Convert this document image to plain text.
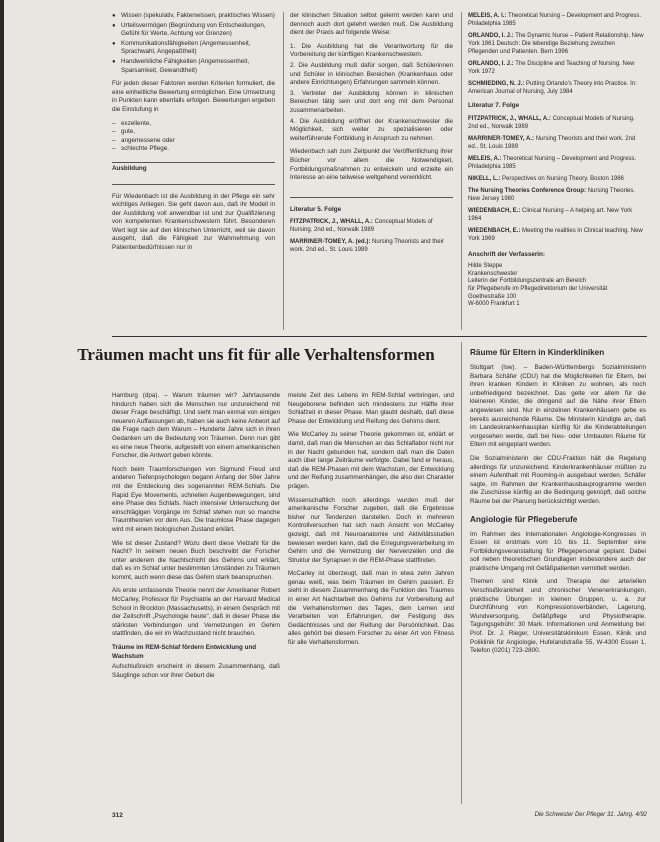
● Wissen (spekulativ, Faktenwissen, praktisches Wissen)
● Urteilsvermögen (Begründung von Entscheidungen, Gefühl für Werte, Achtung vor Grenzen)
● Kommunikationsfähigkeiten (Angemessenheit, Sprachwahl, Angepaßtheit)
● Handwerkliche Fähigkeiten (Angemessenheit, Sparsamkeit, Gewandtheit)

Für jeden dieser Faktoren werden Kriterien formuliert, die eine einheitliche Bewertung ermöglichen. Eine Umsetzung in Punkten kann ebenfalls erfolgen. Bewertungen ergeben die Einstufung in

– exzellente,
– gute,
– angemessene oder
– schlechte Pflege.
Ausbildung

Für Wiedenbach ist die Ausbildung in der Pflege ein sehr wichtiges Anliegen. Sie geht davon aus, daß ihr Modell in der Ausbildung voll anwendbar ist und zur Qualifizierung von kompetenten Krankenschwestern führt. Besonderen Wert legt sie auf den klinischen Unterricht, weil sie davon ausgeht, daß die Fähigkeit zur Wahrnehmung von Patientenbedürfnissen nur in

der klinischen Situation selbst gelernt werden kann und dennoch auch dort gelehrt werden muß. Die Ausbildung dient der Praxis auf folgende Weise:

1. Die Ausbildung hat die Verantwortung für die Vorbereitung der künftigen Krankenschwestern.
2. Die Ausbildung muß dafür sorgen, daß Schülerinnen und Schüler in klinischen Bereichen (Krankenhaus oder andere Einrichtungen) Erfahrungen sammeln können.
3. Vertreter der Ausbildung können in klinischen Bereichen tätig sein und dort eng mit dem Personal zusammenarbeiten.
4. Die Ausbildung eröffnet der Krankenschwester die Möglichkeit, sich weiter zu spezialisieren oder weiterführende Fortbildung in Anspruch zu nehmen.

Wiedenbach sah zum Zeitpunkt der Veröffentlichung ihrer Bücher vor allem die Notwendigkeit, Fortbildungsmaßnahmen zu entwickeln und erzielte ein Interesse an eine teilweise weltgehend verwirklicht.

Literatur 5. Folge
FITZPATRICK, J., WHALL, A.: Conceptual Models of Nursing. 2nd ed., Norwalk 1989
MARRINER-TOMEY, A. (ed.): Nursing Theorists and their work. 2nd ed., St. Louis 1989
MELEIS, A. I.: Theoretical Nursing – Development and Progress. Philadelphia 1985
ORLANDO, I. J.: The Dynamic Nurse – Patient Relationship. New York 1961 Deutsch: Die lebendige Beziehung zwischen Pflegenden und Patienten. Bern 1996
ORLANDO, I. J.: The Discipline and Teaching of Nursing. New York 1972
SCHMIEDING, N. J.: Putting Orlando's Theory into Practice. In: American Journal of Nursing, July 1984
Literatur 7. Folge
FITZPATRICK, J., WHALL, A.: Conceptual Models of Nursing. 2nd ed., Norwalk 1989
MARRINER-TOMEY, A.: Nursing Theorists and their work. 2nd ed., St. Louis 1989
MELEIS, A.: Theoretical Nursing – Development and Progress. Philadelphia 1985
NIKELL, L.: Perspectives on Nursing Theory. Boston 1986
The Nursing Theories Conference Group: Nursing Theories. New Jersey 1980
WIEDENBACH, E.: Clinical Nursing – A helping art. New York 1964
WIEDENBACH, E.: Meeting the realities in Clinical teaching. New York 1969
Anschrift der Verfasserin:
Hilde Steppe
Krankenschwester
Leiterin der Fortbildungszentrale am Bereich
für Pflegeberufe im Pflegedirektorium der Universität
Goethestraße 100
W-6000 Frankfurt 1
Träumen macht uns fit für alle Verhaltensformen

Hamburg (dpa). – Warum träumen wir? Jahrtausende hindurch haben sich die Menschen nur unzureichend mit dieser Frage beschäftigt. Und sieht man einmal von einigen neueren Auffassungen ab, haben sie auch keine Antwort auf die Frage nach dem Warum – Hunderte Jahre sich in ihren Gedanken um die Bedeutung von Träumen. Denn nun gibt es eine neue Theorie, aufgestellt von einem amerikanischen Forscher, die Antwort geben könnte.

Noch beim Traumforschungen von Sigmund Freud und anderen Tiefenpsychologen begann Anfang der 50er Jahre mit der Entdeckung des sogenannten REM-Schlafs. Die Rapid Eye Movements, schnellen Augenbewegungen, sind eine Phase des Schlafs. Nach intensiver Untersuchung der einschlägigen Vorgänge im Schlaf stehen nun so manche Traumtheorien vor dem Aus. Die traumlose Phase dagegen wird mit einem biologischen Zustand erklärt.

Wie ist dieser Zustand? Wozu dient diese Vielzahl für die Nacht? In seinem neuen Buch beschreibt der Forscher unter anderem die Nachtschicht des Gehirns und erklärt, daß es im Schlaf unter bestimmten Umständen zu Träumen kommt, auch wenn diese das Gehirn stark beanspruchen.

Als erste umfassende Theorie nennt der Amerikaner Robert McCarley, Professor für Psychiatrie an der Harvard Medical School in Brockton (Massachusetts), in einem Gespräch mit der Zeitschrift „Psychologie heute", daß in dieser Phase die stärksten Verbindungen und Vernetzungen im Gehirn stattfinden, die wir im Wachzustand nicht brauchen.

Träume im REM-Schlaf fördern Entwicklung und Wachstum

Aufschlußreich erscheint in diesem Zusammenhang, daß Säuglinge schon vor ihrer Geburt die

meiste Zeit des Lebens im REM-Schlaf verbringen, und Neugeborene befinden sich mindestens zur Hälfte ihrer Schlafzeit in dieser Phase. Man glaubt deshalb, daß diese Phase der Entwicklung und Reifung des Gehirns dient.

Wie McCarley zu seiner Theorie gekommen ist, erklärt er damit, daß man die Menschen an das Schlaflabor nicht nur in der Nacht gebunden hat, sondern daß man die Daten auch über lange Zeiträume verfolgte. Dabei fand er heraus, daß die REM-Phasen mit dem Wachstum, der Entwicklung und der Reifung zusammenhängen, die also den Charakter prägen.

Wissenschaftlich noch allerdings wurden muß der amerikanische Forscher zugeben, daß die Ergebnisse bisher nur Tendenzen darstellen. Doch in mehreren Kontrollversuchen hat sich nach Ansicht von McCarley gezeigt, daß mit Neuroanatomie und Aktivitätsstudien bewiesen werden kann, daß die Erregungsverarbeitung im Gehirn und die Vernetzung der Nervenzellen und die Struktur der Synapsen in der REM-Phase stattfinden.

McCarley ist überzeugt, daß man in etwa zehn Jahren genau weiß, was beim Träumen im Gehirn passiert. Er sieht in diesem Zusammenhang die Funktion des Traumes in einer Art Nachtarbeit des Gehirns zur Vorbereitung auf die Verhaltensformen des Tages, dem Lernen und Verarbeiten von Erfahrungen, der Festigung des Gedächtnisses und der Reifung der Persönlichkeit. Das alles gehört bei diesem Forscher zu einer Art von Fitness für alle Verhaltensformen.

Räume für Eltern in Kinderkliniken

Stuttgart (lsw). – Baden-Württembergs Sozialministerin Barbara Schäfer (CDU) hat die Möglichkeiten für Eltern, bei ihren kranken Kindern in Kliniken zu wohnen, als noch unbefriedigend bezeichnet. Das gelte vor allem für die kleineren Kinder, die dringend auf die Nähe ihrer Eltern angewiesen sind. Nur in einzelnen Krankenhäusern gebe es bereits ausreichende Räume. Die Ministerin kündigte an, daß im Landeskrankenhausplan künftig für die Kinderabteilungen vorgesehen werde, daß bei Neu- oder Umbauten Räume für Eltern mit eingeplant werden.

Die Sozialministerin der CDU-Fraktion hält die Regelung allerdings für unzureichend. Kinderkrankenhäuser müßten zu einem Aufenthalt mit Rooming-in ausgebaut werden. Schäfer sagte, im Rahmen der Krankenhausbauprogramme werden die Zuschüsse künftig an die Bedingung geknüpft, daß solche Räume bei der Planung berücksichtigt werden.

Angiologie für Pflegeberufe

Im Rahmen des Internationalen Angiologie-Kongresses in Essen ist erstmals vom 10. bis 11. September eine Fortbildungsveranstaltung für Pflegepersonal geplant. Dabei soll neben theoretischen Grundlagen insbesondere auch der praktische Umgang mit Gefäßpatienten vermittelt werden.

Themen sind Klinik und Therapie der arteriellen Verschlußkrankheit und chronischer Venenerkrankungen, praktische Übungen in kleinen Gruppen, u. a. zur Durchführung von Kompressionsverbänden, Lagerung, Wundversorgung, Gefäßpflege und Physiotherapie. Tagungsgebühr: 30 Mark. Informationen und Anmeldung bei: Prof. Dr. J. Rieger, Universitätsklinikum Essen, Klinik und Poliklinik für Angiologie, Hufelandstraße 55, W-4300 Essen 1, Telefon (0201) 723-2800.

312	Die Schwester Der Pfleger 31. Jahrg. 4/92
